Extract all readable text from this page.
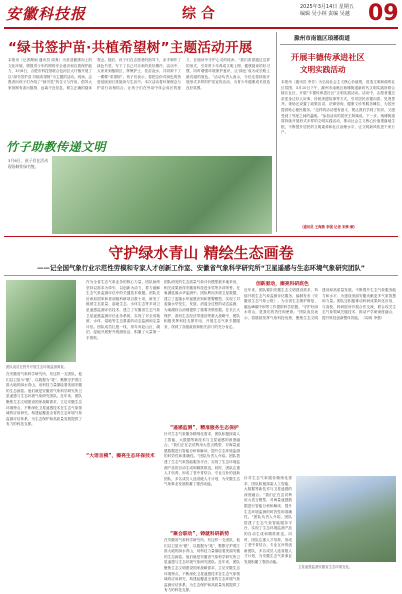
安徽科技报	综 合	2025年3月14日 星期五
编辑 吴小林 责编 吴越 09
“绿书签护苗·共植希望树”主题活动开展
本报讯（记者佩雨 通讯员 周爽）为营造健康向上的文化环境，增强青少年的网络安全意识和自我保护能力，3月6日，合肥市科技馆联合包河区大圩镇开展了以“绿书签护苗·共植希望树”为主题的活动。现场，志愿者向孩子们介绍了“绿书签”的含义与作用，倡导大家抵制有害出版物、远离不良信息，树立正确的阅读观念。随后，孩子们在志愿者的指导下，亲手制作了绿色书签，写下了自己对未来的美好期许。活动中，大家来到植树区，挥锹铲土、扶苗浇水，共同种下了一棵棵“希望树”。孩子们表示，将把这份对绿色的热爱延续到日常阅读与生活中。本次活动将环保理念与护苗行动相结合，让孩子们在劳动中体会成长的意义，在阅读中守护心灵的纯净。“我们希望通过这样的形式，引导青少年养成文明上网、健康阅读的好习惯，同时增强环境保护意识，让‘绿色’成为成长路上最亮丽的底色。”活动负责人表示，今后还将持续开展形式多样的护苗宣传活动，为青少年健康成长营造良好氛围。
竹子助教传递文明
3月6日，孩子们在活动现场制作绿书签。
滁州市南谯区琅琊街道
开展丰德传承进社区
文明实践活动
本报讯（通讯员 李芳）为弘扬社会主义核心价值观，营造文明和谐的社区氛围，3月10日下午，滁州市南谯区琅琊街道新时代文明实践所联合辖区社区，开展“丰德传承进社区”文明实践活动。活动中，志愿者通过讲述身边好人好事、传统美德故事等方式，引导居民崇德向善、见贤思齐。现场还设置了政策宣讲、法律咨询、健康义诊等服务摊位，为居民提供贴心便民服务。“这样的活动很有意义，既让我们学到了知识，又感受到了邻里之间的温暖。”参加活动的居民王阿姨说。下一步，琅琊街道将持续开展形式多样的文明实践活动，推动社会主义核心价值观落地生根，不断提升居民的文明素养和社区治理水平，让文明新风吹进千家万户。
（通讯员 王海燕 李强 记者 宋维·颖）
守护绿水青山 精绘生态画卷
——记全国气象行业示范性劳模和专家人才创新工作室、安徽省气象科学研究所“卫星遥感与生态环境气象研究团队”
团队成员在野外开展生态环境监测调查。
在安徽省气象科学研究所，有这样一支团队，他们以卫星为“眼”、以数据为“笔”，默默守护着江淮大地的绿水青山，用科技力量描绘着美丽安徽的生态画卷。他们就是安徽省气象科学研究所卫星遥感与生态环境气象研究团队。近年来，团队聚焦生态文明建设国家战略需求，立足安徽生态环境特点，不断深化卫星遥感技术在生态气象领域的应用研究，构建起覆盖全省的生态环境气象监测评估体系，为生态保护和高质量发展提供了有力的科技支撑。
作为全省生态气象业务的核心力量，团队始终坚持以需求为牵引、以创新为动力，着力破解生态气象监测评估中的关键技术难题。团队先后承担国家和省部级科研项目数十项，研发了植被生态质量、湿地生态、水体生态等多项卫星遥感监测评估技术，建立了安徽省生态气象卫星遥感监测评估业务系统，实现了对全省植被、水体、湿地等生态要素的动态监测和定量评估。团队成员扎根一线，常年奔赴山区、湖泊、湿地开展野外观测验证，积累了大量第一手资料。
团队研发的生态质量气象评价模型被多地采用，相关成果获得安徽省科技进步奖等多项荣誉。在巢湖蓝藻水华监测中，团队利用多源卫星数据，建立了蓝藻水华遥感识别和预警模型，实现了对蓝藻水华发生、发展、消退全过程的动态监测，为巢湖综合治理提供了重要决策依据。在长江大保护、淮河生态经济带建设等重大战略中，团队积极发挥科技支撑作用，开展生态气象专题服务，得到了各级政府和相关部门的充分肯定。
“遥感监测”，精准服务生态保护
针对生态气象服务精细化需求，团队积极探索人工智能、大数据等新技术与卫星遥感的深度融合。“我们正在尝试利用大语言模型，对海量遥感数据进行智能分析和解读，提升生态环境监测的时效性和准确性。”团队负责人介绍。团队搭建了生态气象智能服务平台，实现了生态环境监测产品的自动生成和精准推送。同时，团队注重人才培养，形成了老中青结合、专业互补的创新团队，多名成员入选省级人才计划，为安徽生态气象事业发展积蓄了强劲动能。
“聚合联动”，铸就科研新势
在安徽省气象科学研究所，有这样一支团队，他们以卫星为“眼”、以数据为“笔”，默默守护着江淮大地的绿水青山，用科技力量描绘着美丽安徽的生态画卷。他们就是安徽省气象科学研究所卫星遥感与生态环境气象研究团队。近年来，团队聚焦生态文明建设国家战略需求，立足安徽生态环境特点，不断深化卫星遥感技术在生态气象领域的应用研究，构建起覆盖全省的生态环境气象监测评估体系，为生态保护和高质量发展提供了有力的科技支撑。
“大语言模”，擦亮生态环保技术
创新驱动，擦亮科研底色
近年来，团队紧扣安徽生态文明建设需求，持续开展生态气象监测评估服务，编制发布《安徽省生态气象公报》，为全省生态保护修复、碳达峰碳中和等工作提供科学依据。“守护好绿水青山，是我们的责任和使命。”团队成员表示，将继续发挥气象科技优势，聚焦生态文明建设和高质量发展，不断提升生态气象服务能力和水平，为建设美丽安徽贡献更多气象智慧和力量。团队还积极推动科研成果转化应用，与高校、科研院所开展合作交流，联合攻关生态气象领域关键技术，推动产学研深度融合，提升科技创新整体效能。（周玥 李强）
卫星遥感监测安徽省生态环境变化。
针对生态气象服务精细化需求，团队积极探索人工智能、大数据等新技术与卫星遥感的深度融合。“我们正在尝试利用大语言模型，对海量遥感数据进行智能分析和解读，提升生态环境监测的时效性和准确性。”团队负责人介绍。团队搭建了生态气象智能服务平台，实现了生态环境监测产品的自动生成和精准推送。同时，团队注重人才培养，形成了老中青结合、专业互补的创新团队，多名成员入选省级人才计划，为安徽生态气象事业发展积蓄了强劲动能。
